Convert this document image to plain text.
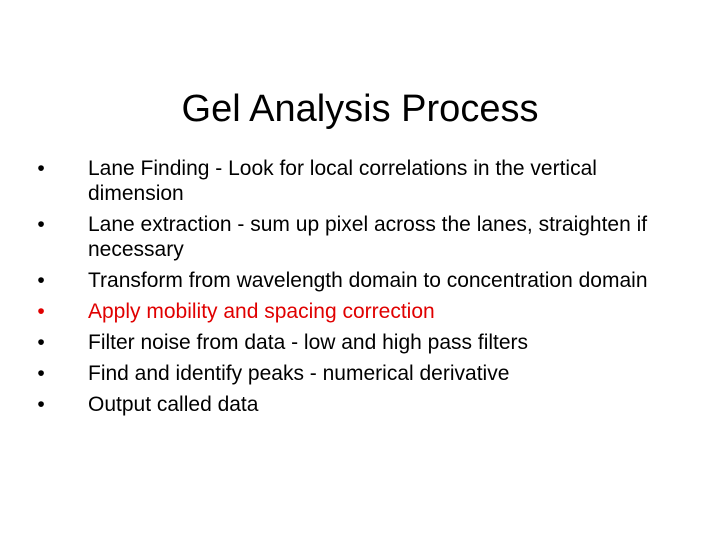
Gel Analysis Process
•	Lane Finding - Look for local correlations in the vertical dimension
•	Lane extraction - sum up pixel across the lanes, straighten if necessary
•	Transform from wavelength domain to concentration domain
•	Apply mobility and spacing correction
•	Filter noise from data - low and high pass filters
•	Find and identify peaks - numerical derivative
•	Output called data
